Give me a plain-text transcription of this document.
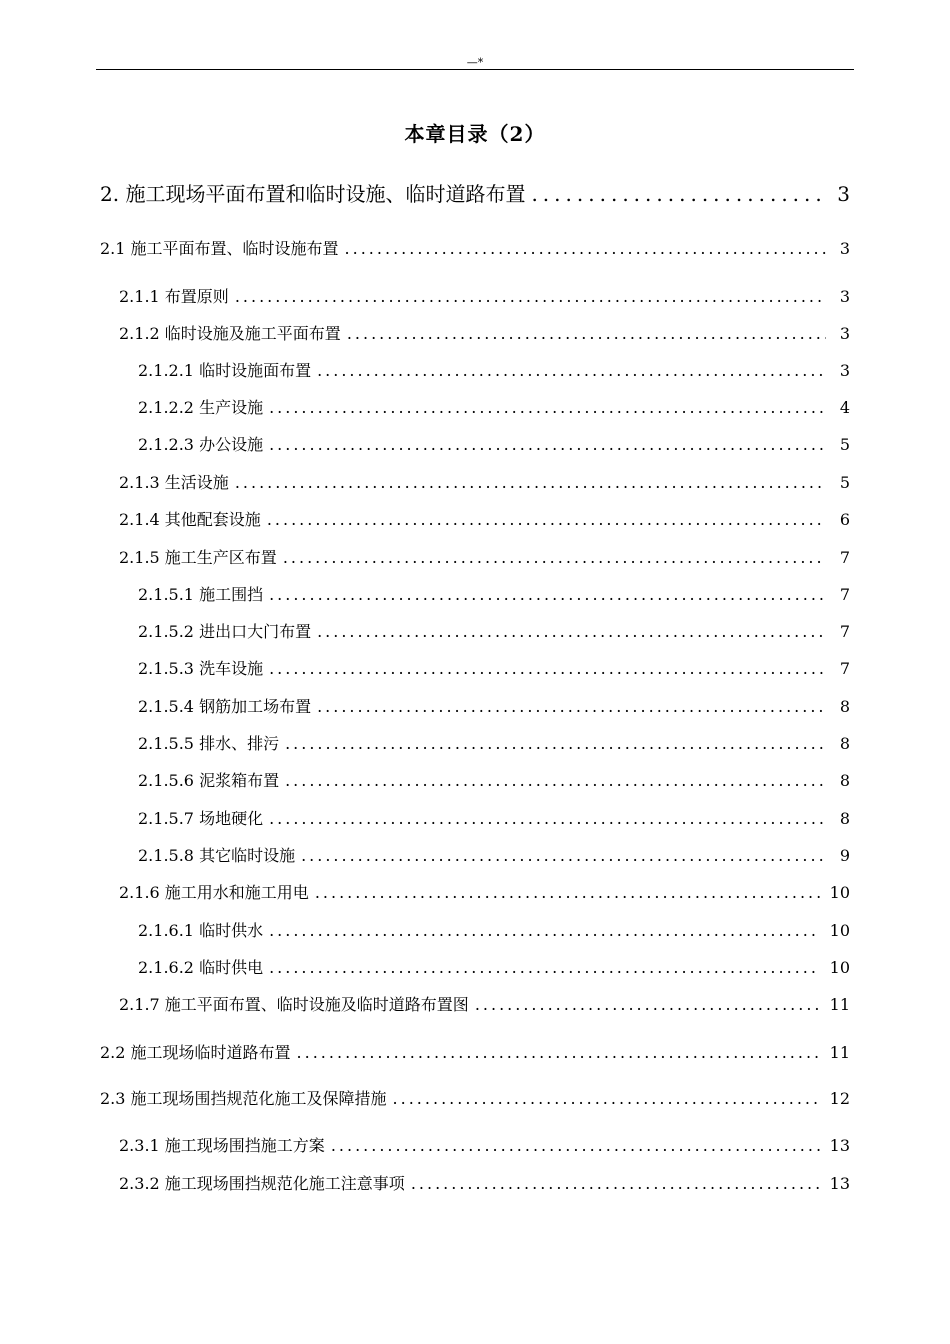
—*
本章目录（2）
2. 施工现场平面布置和临时设施、临时道路布置 .....	3
2.1 施工平面布置、临时设施布置 .....	3
2.1.1 布置原则 .....	3
2.1.2 临时设施及施工平面布置 .....	3
2.1.2.1 临时设施面布置 .....	3
2.1.2.2 生产设施 .....	4
2.1.2.3 办公设施 .....	5
2.1.3 生活设施 .....	5
2.1.4 其他配套设施 .....	6
2.1.5 施工生产区布置 .....	7
2.1.5.1 施工围挡 .....	7
2.1.5.2 进出口大门布置 .....	7
2.1.5.3 洗车设施 .....	7
2.1.5.4 钢筋加工场布置 .....	8
2.1.5.5 排水、排污 .....	8
2.1.5.6 泥浆箱布置 .....	8
2.1.5.7 场地硬化 .....	8
2.1.5.8 其它临时设施 .....	9
2.1.6 施工用水和施工用电 .....	10
2.1.6.1 临时供水 .....	10
2.1.6.2 临时供电 .....	10
2.1.7 施工平面布置、临时设施及临时道路布置图 .....	11
2.2 施工现场临时道路布置 .....	11
2.3 施工现场围挡规范化施工及保障措施 .....	12
2.3.1 施工现场围挡施工方案 .....	13
2.3.2 施工现场围挡规范化施工注意事项 .....	13
